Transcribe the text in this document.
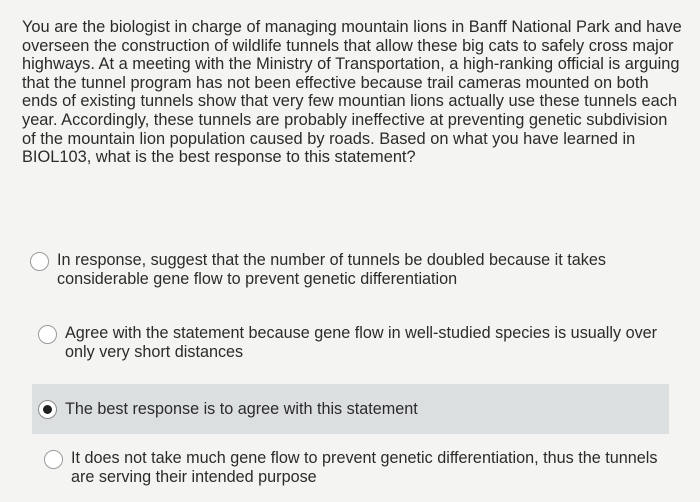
You are the biologist in charge of managing mountain lions in Banff National Park and have overseen the construction of wildlife tunnels that allow these big cats to safely cross major highways. At a meeting with the Ministry of Transportation, a high-ranking official is arguing that the tunnel program has not been effective because trail cameras mounted on both ends of existing tunnels show that very few mountian lions actually use these tunnels each year. Accordingly, these tunnels are probably ineffective at preventing genetic subdivision of the mountain lion population caused by roads. Based on what you have learned in BIOL103, what is the best response to this statement?

In response, suggest that the number of tunnels be doubled because it takes considerable gene flow to prevent genetic differentiation
Agree with the statement because gene flow in well-studied species is usually over only very short distances
The best response is to agree with this statement
It does not take much gene flow to prevent genetic differentiation, thus the tunnels are serving their intended purpose
